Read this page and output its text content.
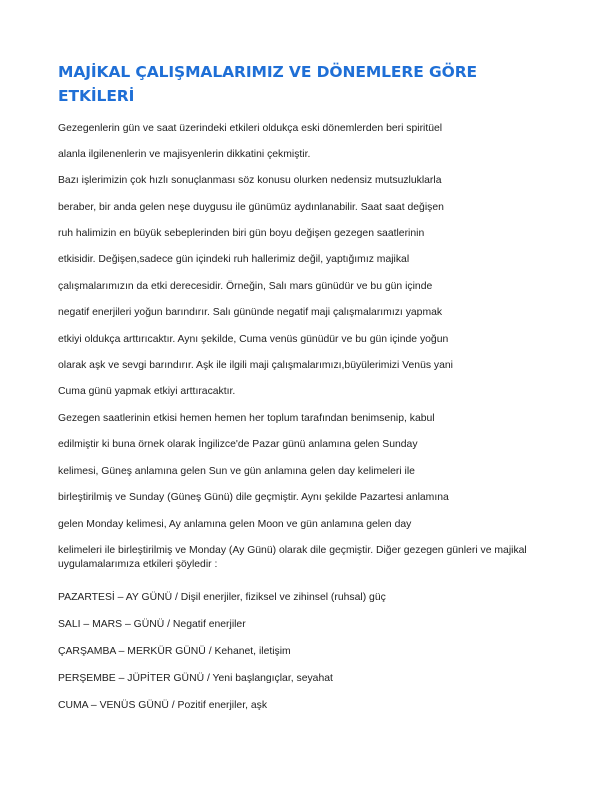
MAJİKAL ÇALIŞMALARIMIZ VE DÖNEMLERE GÖRE ETKİLERİ

Gezegenlerin gün ve saat üzerindeki etkileri oldukça eski dönemlerden beri spiritüel

alanla ilgilenenlerin ve majisyenlerin dikkatini çekmiştir.

Bazı işlerimizin çok hızlı sonuçlanması söz konusu olurken nedensiz mutsuzluklarla

beraber, bir anda gelen neşe duygusu ile günümüz aydınlanabilir. Saat saat değişen

ruh halimizin en büyük sebeplerinden biri gün boyu değişen gezegen saatlerinin

etkisidir. Değişen,sadece gün içindeki ruh hallerimiz değil, yaptığımız majikal

çalışmalarımızın da etki derecesidir. Örneğin, Salı mars günüdür ve bu gün içinde

negatif enerjileri yoğun barındırır. Salı gününde negatif maji çalışmalarımızı yapmak

etkiyi oldukça arttırıcaktır. Aynı şekilde, Cuma venüs günüdür ve bu gün içinde yoğun

olarak aşk ve sevgi barındırır. Aşk ile ilgili maji çalışmalarımızı,büyülerimizi Venüs yani

Cuma günü yapmak etkiyi arttıracaktır.

Gezegen saatlerinin etkisi hemen hemen her toplum tarafından benimsenip, kabul

edilmiştir ki buna örnek olarak İngilizce'de Pazar günü anlamına gelen Sunday

kelimesi, Güneş anlamına gelen Sun ve gün anlamına gelen day kelimeleri ile

birleştirilmiş ve Sunday (Güneş Günü) dile geçmiştir. Aynı şekilde Pazartesi anlamına

gelen Monday kelimesi, Ay anlamına gelen Moon ve gün anlamına gelen day

kelimeleri ile birleştirilmiş ve Monday (Ay Günü) olarak dile geçmiştir. Diğer gezegen günleri ve majikal uygulamalarımıza etkileri şöyledir :

PAZARTESİ – AY GÜNÜ / Dişil enerjiler, fiziksel ve zihinsel (ruhsal) güç

SALI – MARS – GÜNÜ / Negatif enerjiler

ÇARŞAMBA – MERKÜR GÜNÜ / Kehanet, iletişim

PERŞEMBE – JÜPİTER GÜNÜ / Yeni başlangıçlar, seyahat

CUMA – VENÜS GÜNÜ / Pozitif enerjiler, aşk
